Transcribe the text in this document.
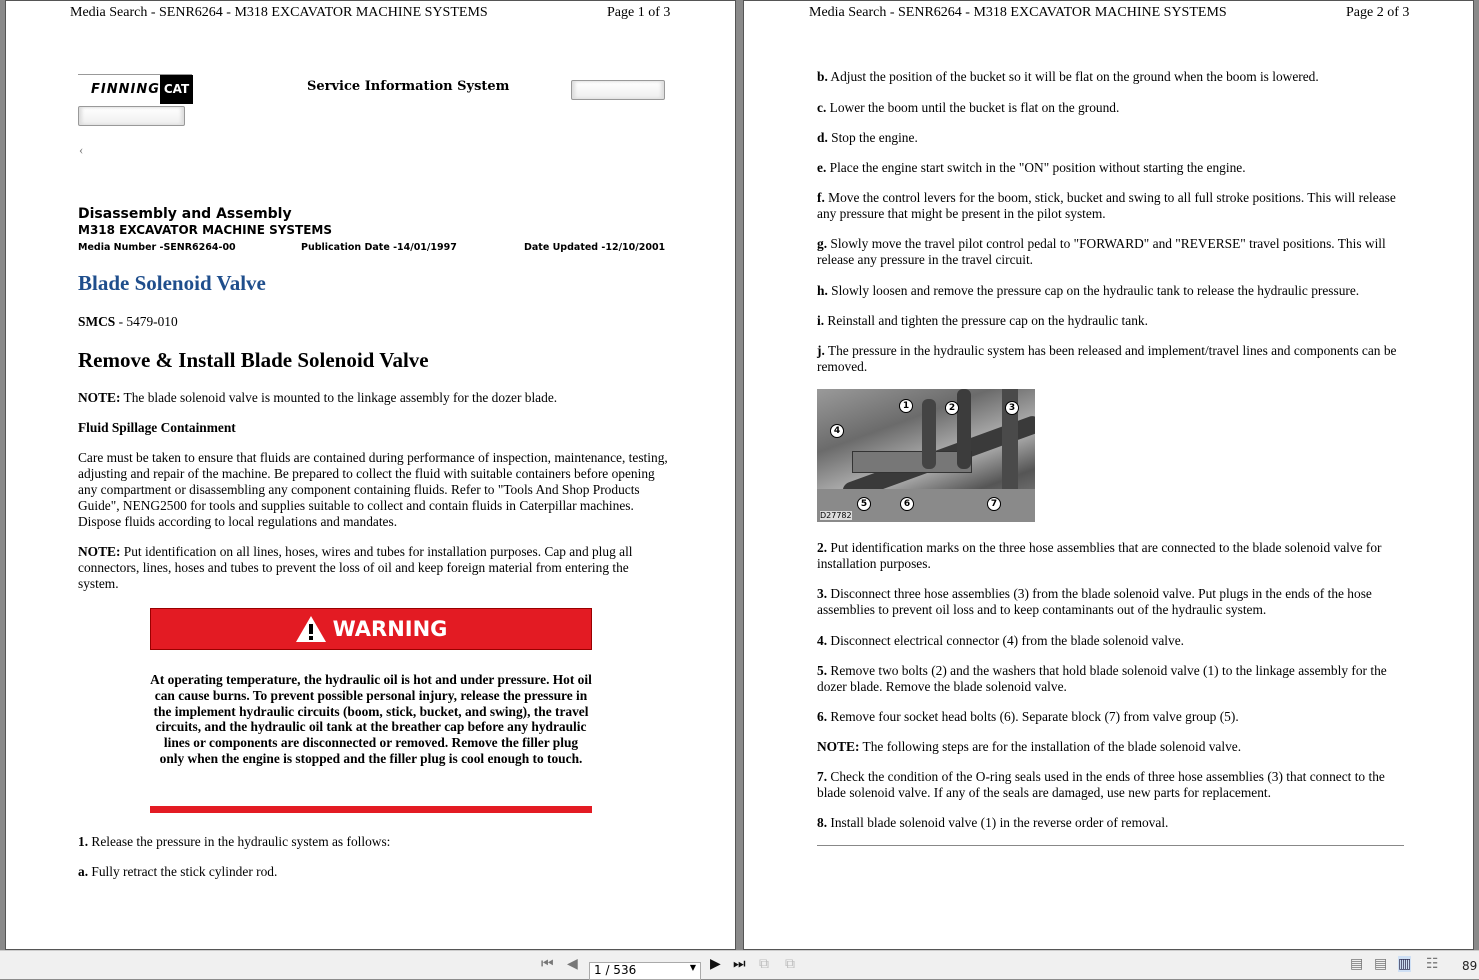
Media Search - SENR6264 - M318 EXCAVATOR MACHINE SYSTEMS	Page 1 of 3
FINNING CAT	Service Information System
‹
Disassembly and Assembly
M318 EXCAVATOR MACHINE SYSTEMS
Media Number -SENR6264-00	Publication Date -14/01/1997	Date Updated -12/10/2001
Blade Solenoid Valve
SMCS - 5479-010
Remove & Install Blade Solenoid Valve
NOTE: The blade solenoid valve is mounted to the linkage assembly for the dozer blade.
Fluid Spillage Containment
Care must be taken to ensure that fluids are contained during performance of inspection, maintenance, testing, adjusting and repair of the machine. Be prepared to collect the fluid with suitable containers before opening any compartment or disassembling any component containing fluids. Refer to "Tools And Shop Products Guide", NENG2500 for tools and supplies suitable to collect and contain fluids in Caterpillar machines. Dispose fluids according to local regulations and mandates.
NOTE: Put identification on all lines, hoses, wires and tubes for installation purposes. Cap and plug all connectors, lines, hoses and tubes to prevent the loss of oil and keep foreign material from entering the system.
WARNING
At operating temperature, the hydraulic oil is hot and under pressure. Hot oil can cause burns. To prevent possible personal injury, release the pressure in the implement hydraulic circuits (boom, stick, bucket, and swing), the travel circuits, and the hydraulic oil tank at the breather cap before any hydraulic lines or components are disconnected or removed. Remove the filler plug only when the engine is stopped and the filler plug is cool enough to touch.
1. Release the pressure in the hydraulic system as follows:
a. Fully retract the stick cylinder rod.
Media Search - SENR6264 - M318 EXCAVATOR MACHINE SYSTEMS	Page 2 of 3
b. Adjust the position of the bucket so it will be flat on the ground when the boom is lowered.
c. Lower the boom until the bucket is flat on the ground.
d. Stop the engine.
e. Place the engine start switch in the "ON" position without starting the engine.
f. Move the control levers for the boom, stick, bucket and swing to all full stroke positions. This will release any pressure that might be present in the pilot system.
g. Slowly move the travel pilot control pedal to "FORWARD" and "REVERSE" travel positions. This will release any pressure in the travel circuit.
h. Slowly loosen and remove the pressure cap on the hydraulic tank to release the hydraulic pressure.
i. Reinstall and tighten the pressure cap on the hydraulic tank.
j. The pressure in the hydraulic system has been released and implement/travel lines and components can be removed.
D27782
1	2	3
4
5	6	7
2. Put identification marks on the three hose assemblies that are connected to the blade solenoid valve for installation purposes.
3. Disconnect three hose assemblies (3) from the blade solenoid valve. Put plugs in the ends of the hose assemblies to prevent oil loss and to keep contaminants out of the hydraulic system.
4. Disconnect electrical connector (4) from the blade solenoid valve.
5. Remove two bolts (2) and the washers that hold blade solenoid valve (1) to the linkage assembly for the dozer blade. Remove the blade solenoid valve.
6. Remove four socket head bolts (6). Separate block (7) from valve group (5).
NOTE: The following steps are for the installation of the blade solenoid valve.
7. Check the condition of the O-ring seals used in the ends of three hose assemblies (3) that connect to the blade solenoid valve. If any of the seals are damaged, use new parts for replacement.
8. Install blade solenoid valve (1) in the reverse order of removal.
⏮ ◀	1 / 536	▼ ▶ ⏭ ⧉ ⧉	▤ ▤ ▥ ☷ 89
